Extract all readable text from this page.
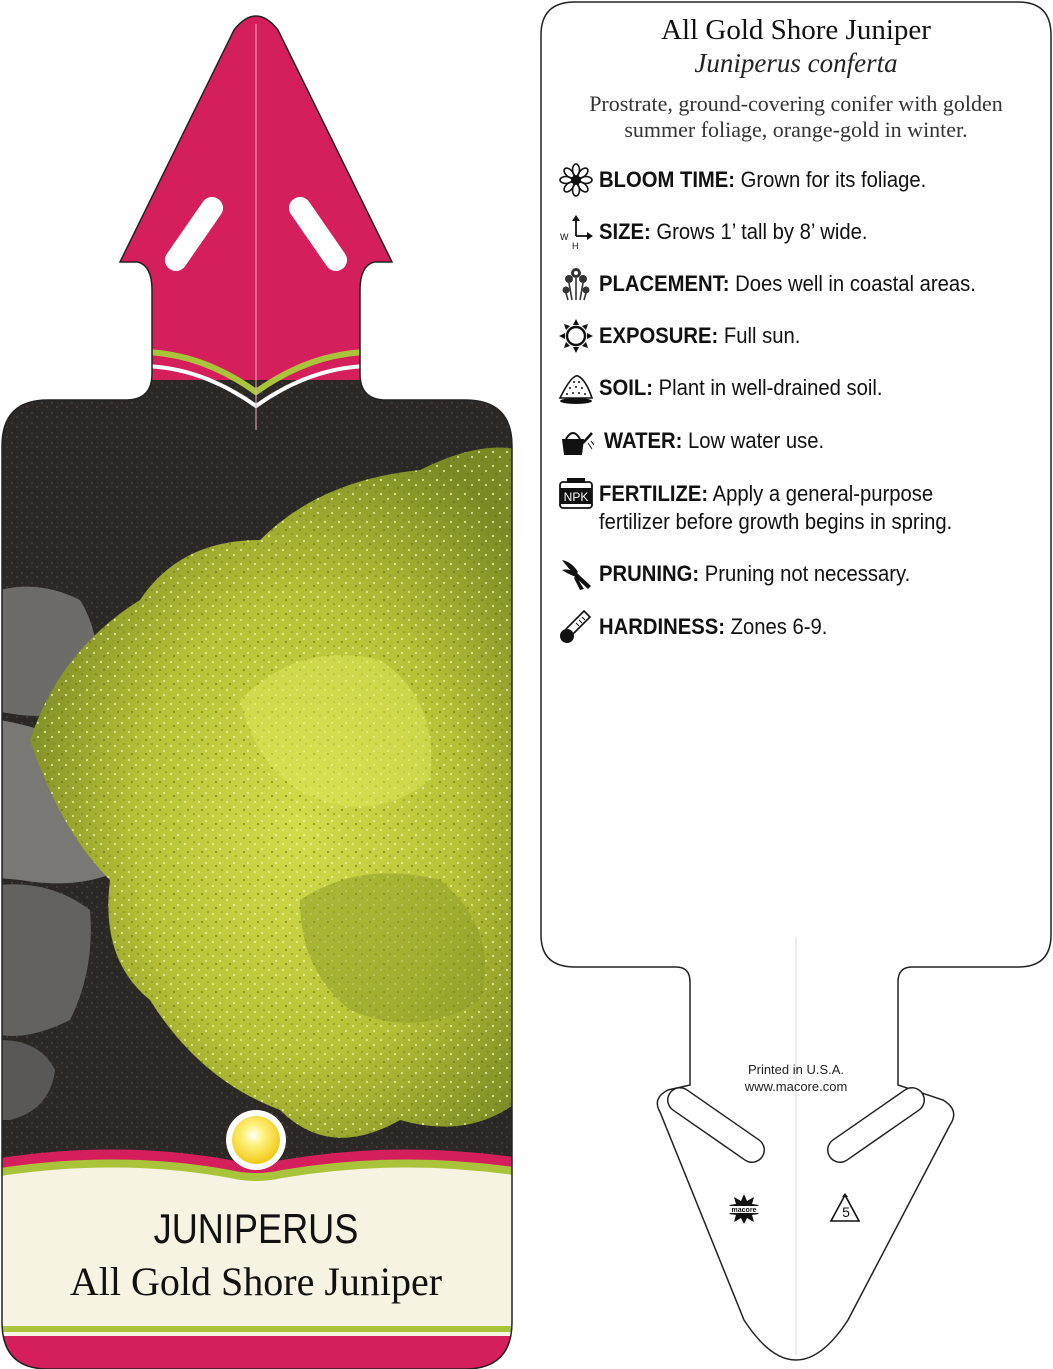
JUNIPERUS
All Gold Shore Juniper
All Gold Shore Juniper
Juniperus conferta
Prostrate, ground-covering conifer with golden summer foliage, orange-gold in winter.
BLOOM TIME: Grown for its foliage.
W
H
SIZE: Grows 1’ tall by 8’ wide.
PLACEMENT: Does well in coastal areas.
EXPOSURE: Full sun.
SOIL: Plant in well-drained soil.
WATER: Low water use.
NPK FERTILIZE: Apply a general-purpose
fertilizer before growth begins in spring.
PRUNING: Pruning not necessary.
HARDINESS: Zones 6-9.
Printed in U.S.A.
www.macore.com
macore	5
